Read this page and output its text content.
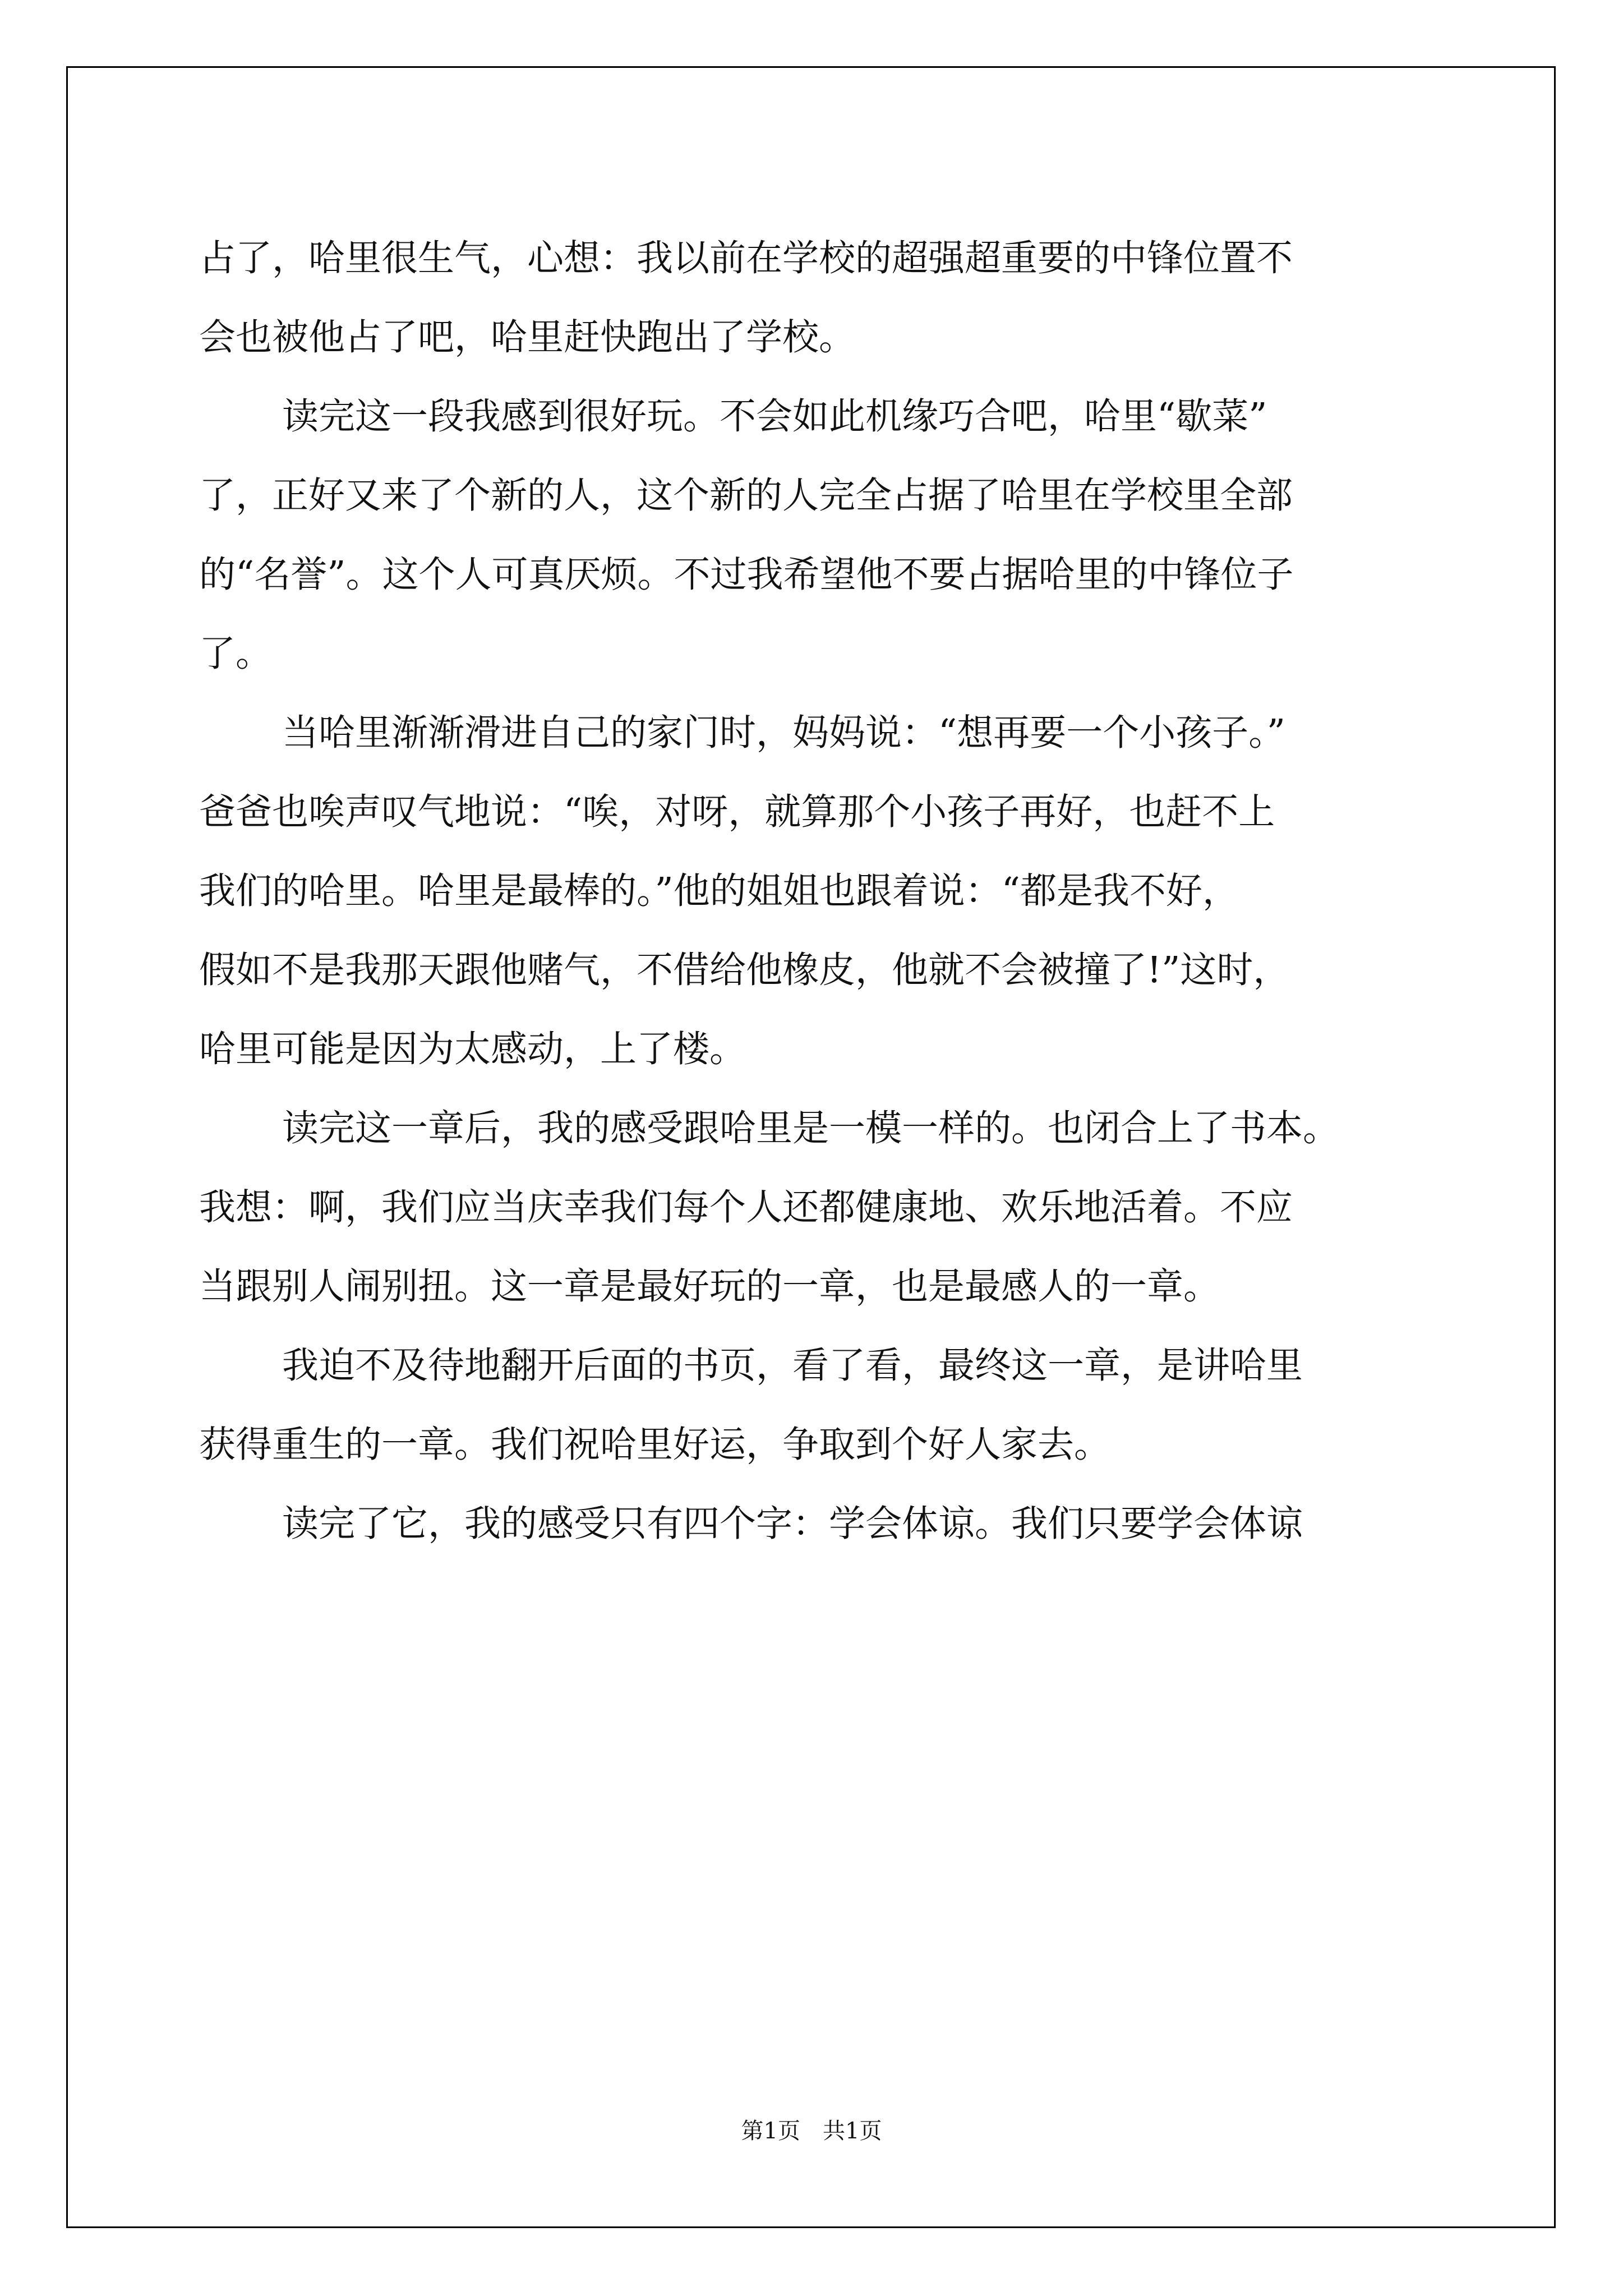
占了，哈里很生气，心想：我以前在学校的超强超重要的中锋位置不
会也被他占了吧，哈里赶快跑出了学校。
读完这一段我感到很好玩。不会如此机缘巧合吧，哈里“歇菜”
了，正好又来了个新的人，这个新的人完全占据了哈里在学校里全部
的“名誉”。这个人可真厌烦。不过我希望他不要占据哈里的中锋位子
了。
当哈里渐渐滑进自己的家门时，妈妈说：“想再要一个小孩子。”
爸爸也唉声叹气地说：“唉，对呀，就算那个小孩子再好，也赶不上
我们的哈里。哈里是最棒的。”他的姐姐也跟着说：“都是我不好，
假如不是我那天跟他赌气，不借给他橡皮，他就不会被撞了!”这时，
哈里可能是因为太感动，上了楼。
读完这一章后，我的感受跟哈里是一模一样的。也闭合上了书本。
我想：啊，我们应当庆幸我们每个人还都健康地、欢乐地活着。不应
当跟别人闹别扭。这一章是最好玩的一章，也是最感人的一章。
我迫不及待地翻开后面的书页，看了看，最终这一章，是讲哈里
获得重生的一章。我们祝哈里好运，争取到个好人家去。
读完了它，我的感受只有四个字：学会体谅。我们只要学会体谅
第1页 共1页
